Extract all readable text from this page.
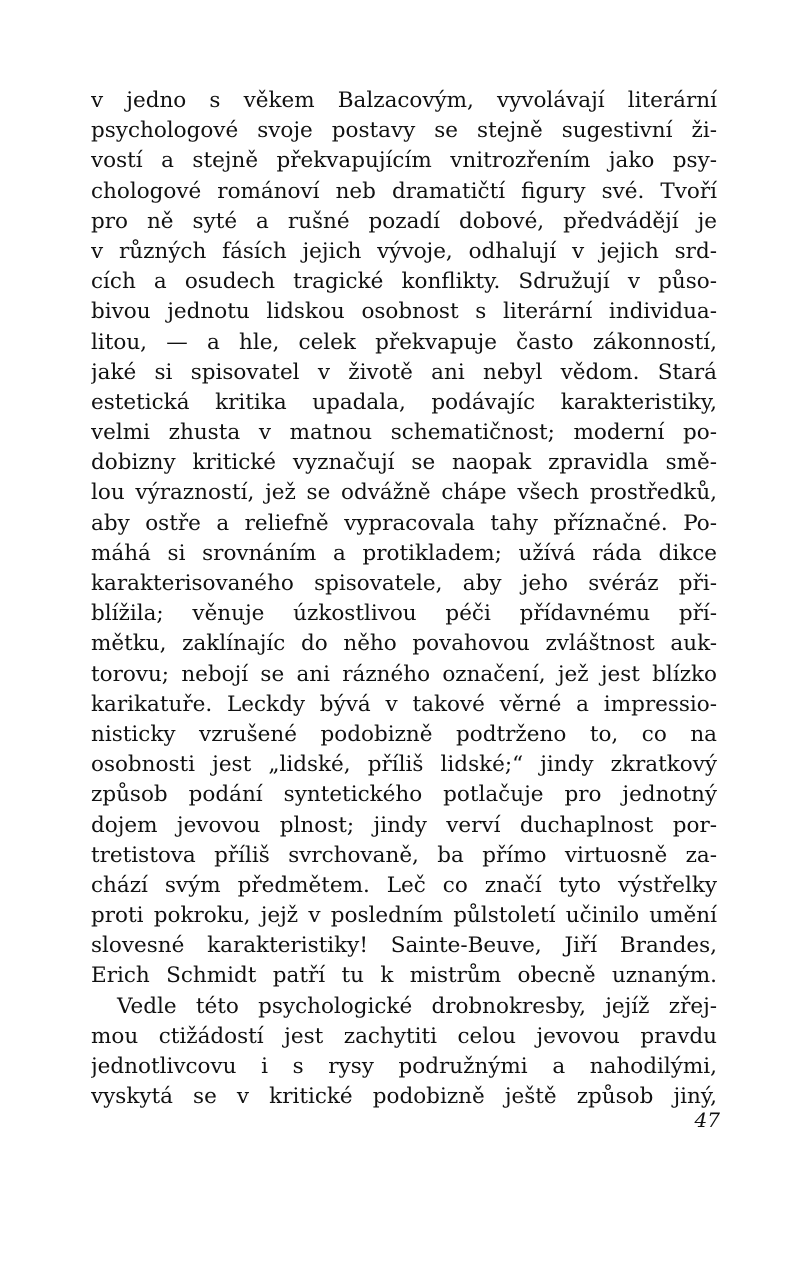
v jedno s věkem Balzacovým, vyvolávají literární
psychologové svoje postavy se stejně sugestivní ži-
vostí a stejně překvapujícím vnitrozřením jako psy-
chologové románoví neb dramatičtí figury své. Tvoří
pro ně syté a rušné pozadí dobové, předvádějí je
v různých fásích jejich vývoje, odhalují v jejich srd-
cích a osudech tragické konflikty. Sdružují v půso-
bivou jednotu lidskou osobnost s literární individua-
litou, — a hle, celek překvapuje často zákonností,
jaké si spisovatel v životě ani nebyl vědom. Stará
estetická kritika upadala, podávajíc karakteristiky,
velmi zhusta v matnou schematičnost; moderní po-
dobizny kritické vyznačují se naopak zpravidla smě-
lou výrazností, jež se odvážně chápe všech prostředků,
aby ostře a reliefně vypracovala tahy příznačné. Po-
máhá si srovnáním a protikladem; užívá ráda dikce
karakterisovaného spisovatele, aby jeho svéráz při-
blížila; věnuje úzkostlivou péči přídavnému pří-
mětku, zaklínajíc do něho povahovou zvláštnost auk-
torovu; nebojí se ani rázného označení, jež jest blízko
karikatuře. Leckdy bývá v takové věrné a impressio-
nisticky vzrušené podobizně podtrženo to, co na
osobnosti jest „lidské, příliš lidské;“ jindy zkratkový
způsob podání syntetického potlačuje pro jednotný
dojem jevovou plnost; jindy verví duchaplnost por-
tretistova příliš svrchovaně, ba přímo virtuosně za-
chází svým předmětem. Leč co značí tyto výstřelky
proti pokroku, jejž v posledním půlstoletí učinilo umění
slovesné karakteristiky! Sainte-Beuve, Jiří Brandes,
Erich Schmidt patří tu k mistrům obecně uznaným.
Vedle této psychologické drobnokresby, jejíž zřej-
mou ctižádostí jest zachytiti celou jevovou pravdu
jednotlivcovu i s rysy podružnými a nahodilými,
vyskytá se v kritické podobizně ještě způsob jiný,
47
